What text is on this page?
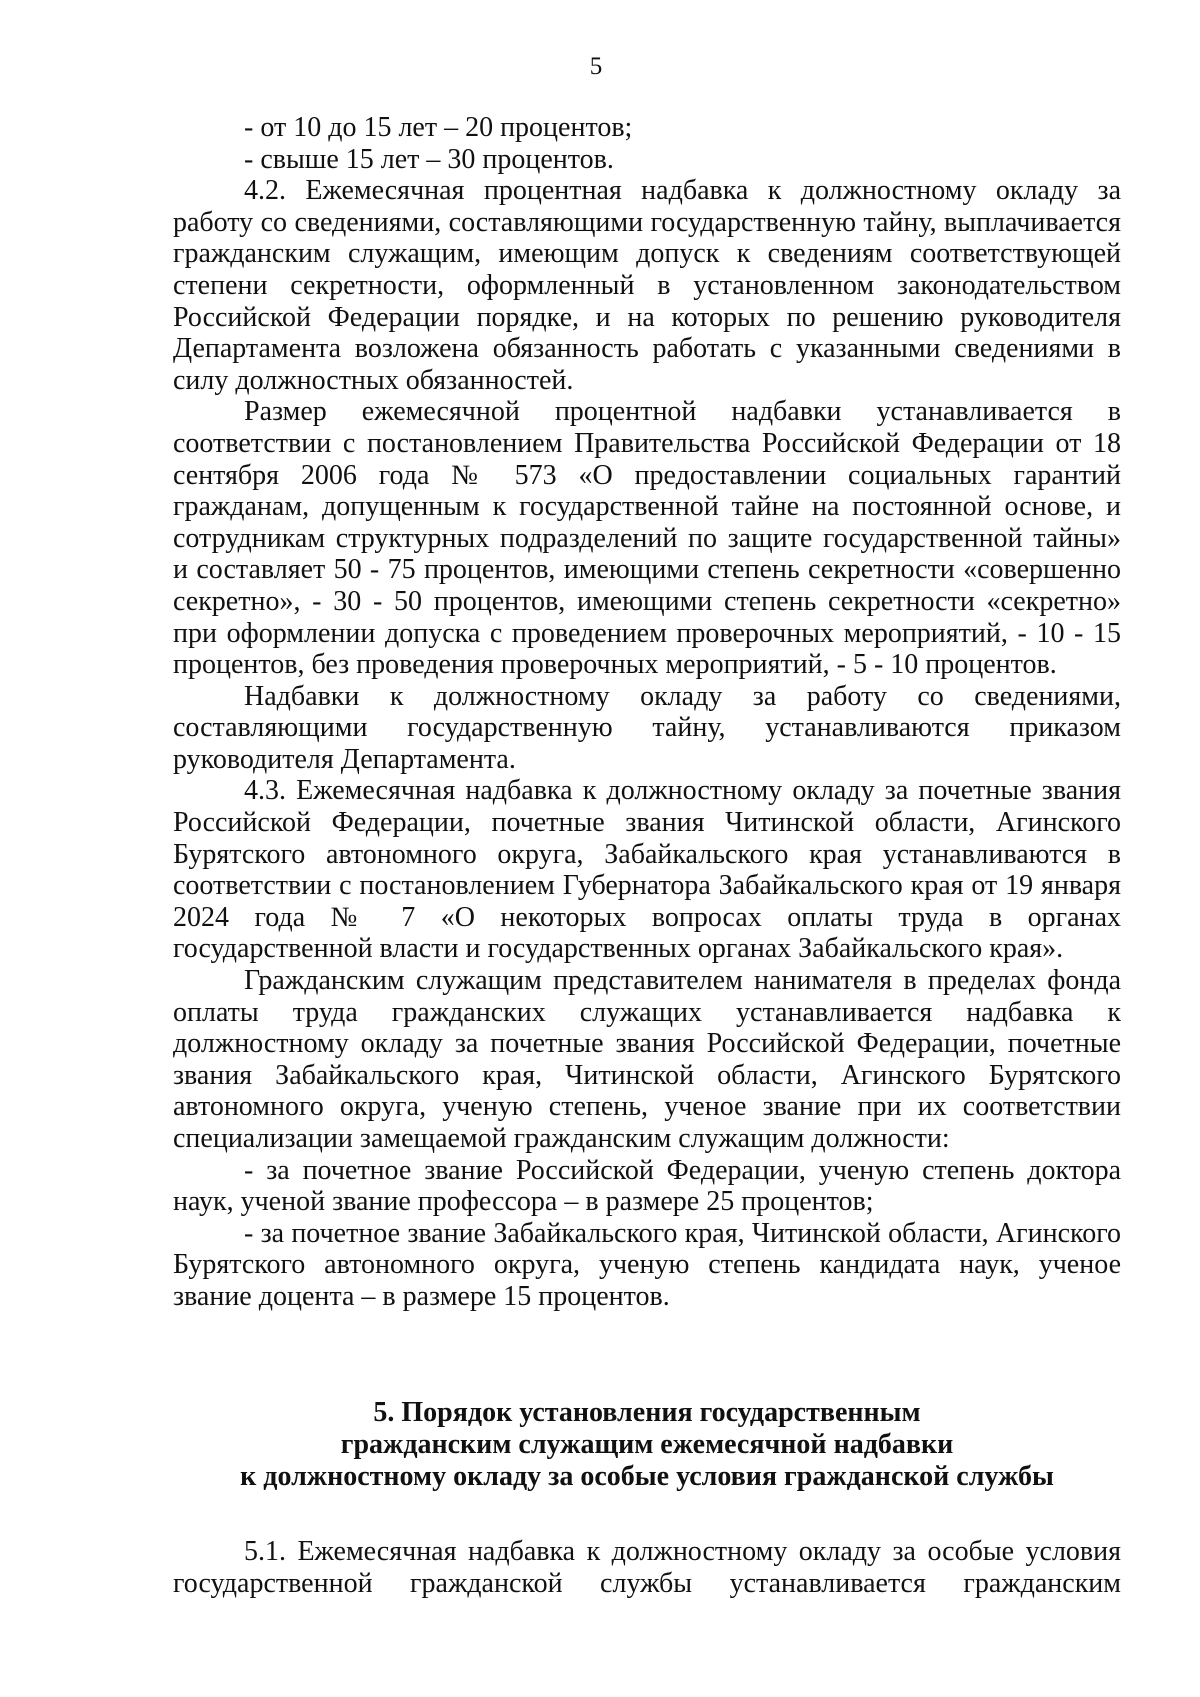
5

- от 10 до 15 лет – 20 процентов;

- свыше 15 лет – 30 процентов.

4.2. Ежемесячная процентная надбавка к должностному окладу за работу со сведениями, составляющими государственную тайну, выплачивается гражданским служащим, имеющим допуск к сведениям соответствующей степени секретности, оформленный в установленном законодательством Российской Федерации порядке, и на которых по решению руководителя Департамента возложена обязанность работать с указанными сведениями в силу должностных обязанностей.

Размер ежемесячной процентной надбавки устанавливается в соответствии с постановлением Правительства Российской Федерации от 18 сентября 2006 года № 573 «О предоставлении социальных гарантий гражданам, допущенным к государственной тайне на постоянной основе, и сотрудникам структурных подразделений по защите государственной тайны» и составляет 50 - 75 процентов, имеющими степень секретности «совершенно секретно», - 30 - 50 процентов, имеющими степень секретности «секретно» при оформлении допуска с проведением проверочных мероприятий, - 10 - 15 процентов, без проведения проверочных мероприятий, - 5 - 10 процентов.

Надбавки к должностному окладу за работу со сведениями, составляющими государственную тайну, устанавливаются приказом руководителя Департамента.

4.3. Ежемесячная надбавка к должностному окладу за почетные звания Российской Федерации, почетные звания Читинской области, Агинского Бурятского автономного округа, Забайкальского края устанавливаются в соответствии с постановлением Губернатора Забайкальского края от 19 января 2024 года № 7 «О некоторых вопросах оплаты труда в органах государственной власти и государственных органах Забайкальского края».

Гражданским служащим представителем нанимателя в пределах фонда оплаты труда гражданских служащих устанавливается надбавка к должностному окладу за почетные звания Российской Федерации, почетные звания Забайкальского края, Читинской области, Агинского Бурятского автономного округа, ученую степень, ученое звание при их соответствии специализации замещаемой гражданским служащим должности:

- за почетное звание Российской Федерации, ученую степень доктора наук, ученой звание профессора – в размере 25 процентов;

- за почетное звание Забайкальского края, Читинской области, Агинского Бурятского автономного округа, ученую степень кандидата наук, ученое звание доцента – в размере 15 процентов.

5. Порядок установления государственным
гражданским служащим ежемесячной надбавки
к должностному окладу за особые условия гражданской службы

5.1. Ежемесячная надбавка к должностному окладу за особые условия государственной гражданской службы устанавливается гражданским
